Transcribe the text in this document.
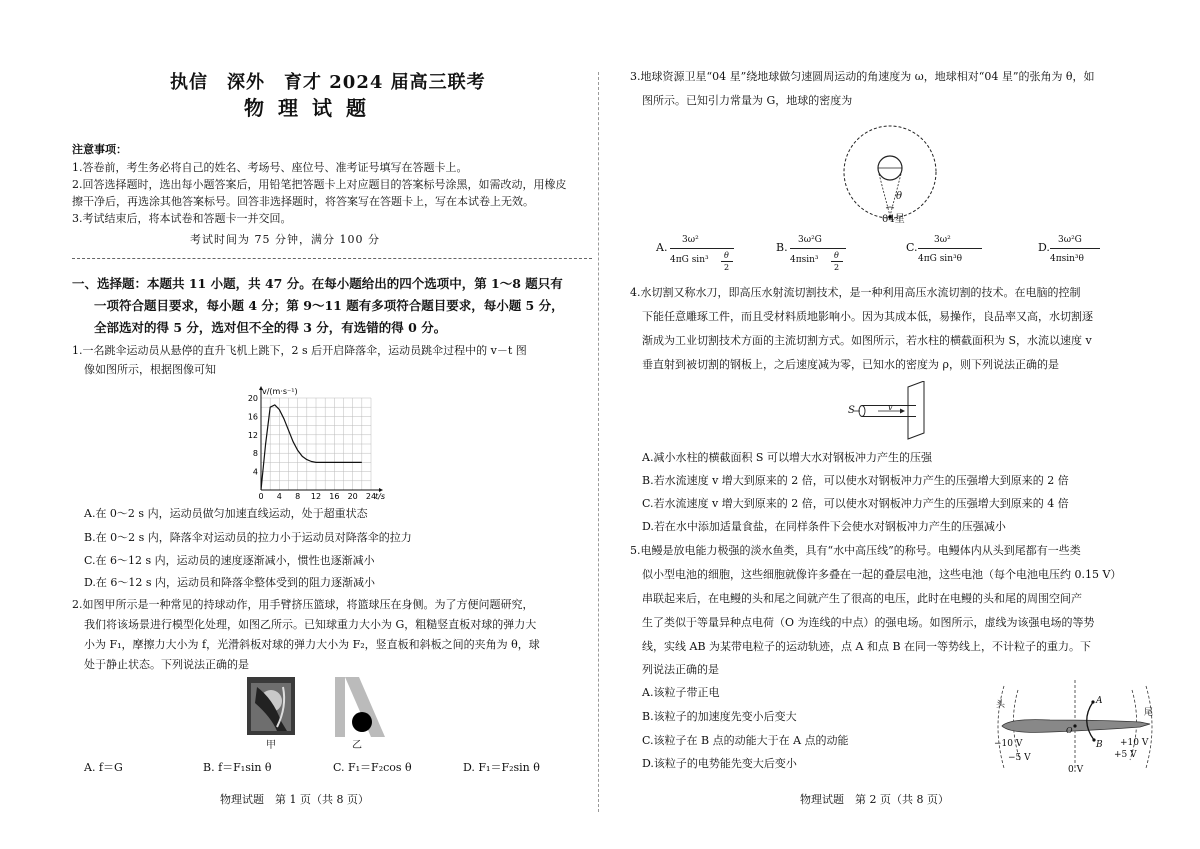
执信　深外　育才 2024 届高三联考
物理试题
注意事项：
1.答卷前，考生务必将自己的姓名、考场号、座位号、准考证号填写在答题卡上。
2.回答选择题时，选出每小题答案后，用铅笔把答题卡上对应题目的答案标号涂黑，如需改动，用橡皮
擦干净后，再选涂其他答案标号。回答非选择题时，将答案写在答题卡上，写在本试卷上无效。
3.考试结束后，将本试卷和答题卡一并交回。
考试时间为 75 分钟，满分 100 分
一、选择题：本题共 11 小题，共 47 分。在每小题给出的四个选项中，第 1～8 题只有
一项符合题目要求，每小题 4 分；第 9～11 题有多项符合题目要求，每小题 5 分，
全部选对的得 5 分，选对但不全的得 3 分，有选错的得 0 分。
1.一名跳伞运动员从悬停的直升飞机上跳下，2 s 后开启降落伞，运动员跳伞过程中的 v－t 图
像如图所示，根据图像可知
0 4 8 12 16 20 24
4
8
12
16
20
t/s
v/(m·s⁻¹)
A.在 0～2 s 内，运动员做匀加速直线运动，处于超重状态
B.在 0～2 s 内，降落伞对运动员的拉力小于运动员对降落伞的拉力
C.在 6～12 s 内，运动员的速度逐渐减小，惯性也逐渐减小
D.在 6～12 s 内，运动员和降落伞整体受到的阻力逐渐减小
2.如图甲所示是一种常见的持球动作，用手臂挤压篮球，将篮球压在身侧。为了方便问题研究，
我们将该场景进行模型化处理，如图乙所示。已知球重力大小为 G，粗糙竖直板对球的弹力大
小为 F₁，摩擦力大小为 f，光滑斜板对球的弹力大小为 F₂，竖直板和斜板之间的夹角为 θ，球
处于静止状态。下列说法正确的是
甲	乙
A. f＝G	B. f＝F₁sin θ	C. F₁＝F₂cos θ	D. F₁＝F₂sin θ
物理试题　第 1 页（共 8 页）
3.地球资源卫星“04 星”绕地球做匀速圆周运动的角速度为 ω，地球相对“04 星”的张角为 θ，如
图所示。已知引力常量为 G，地球的密度为
θ
04星
A.
3ω²
4πG sin³ θ
2
B.
3ω²G
4πsin³ θ
2
C.
3ω²
4πG sin³θ
D.
3ω²G
4πsin³θ
4.水切割又称水刀，即高压水射流切割技术，是一种利用高压水流切割的技术。在电脑的控制
下能任意雕琢工件，而且受材料质地影响小。因为其成本低，易操作，良品率又高，水切割逐
渐成为工业切割技术方面的主流切割方式。如图所示，若水柱的横截面积为 S，水流以速度 v
垂直射到被切割的钢板上，之后速度减为零，已知水的密度为 ρ，则下列说法正确的是
S	v
A.减小水柱的横截面积 S 可以增大水对钢板冲力产生的压强
B.若水流速度 v 增大到原来的 2 倍，可以使水对钢板冲力产生的压强增大到原来的 2 倍
C.若水流速度 v 增大到原来的 2 倍，可以使水对钢板冲力产生的压强增大到原来的 4 倍
D.若在水中添加适量食盐，在同样条件下会使水对钢板冲力产生的压强减小
5.电鳗是放电能力极强的淡水鱼类，具有“水中高压线”的称号。电鳗体内从头到尾都有一些类
似小型电池的细胞，这些细胞就像许多叠在一起的叠层电池，这些电池（每个电池电压约 0.15 V）
串联起来后，在电鳗的头和尾之间就产生了很高的电压，此时在电鳗的头和尾的周围空间产
生了类似于等量异种点电荷（O 为连线的中点）的强电场。如图所示，虚线为该强电场的等势
线，实线 AB 为某带电粒子的运动轨迹，点 A 和点 B 在同一等势线上，不计粒子的重力。下
列说法正确的是
A.该粒子带正电
B.该粒子的加速度先变小后变大
C.该粒子在 B 点的动能大于在 A 点的动能
D.该粒子的电势能先变大后变小
头
尾
A
B
O
−10 V
−5 V
+10 V
+5 V
0 V
物理试题　第 2 页（共 8 页）
